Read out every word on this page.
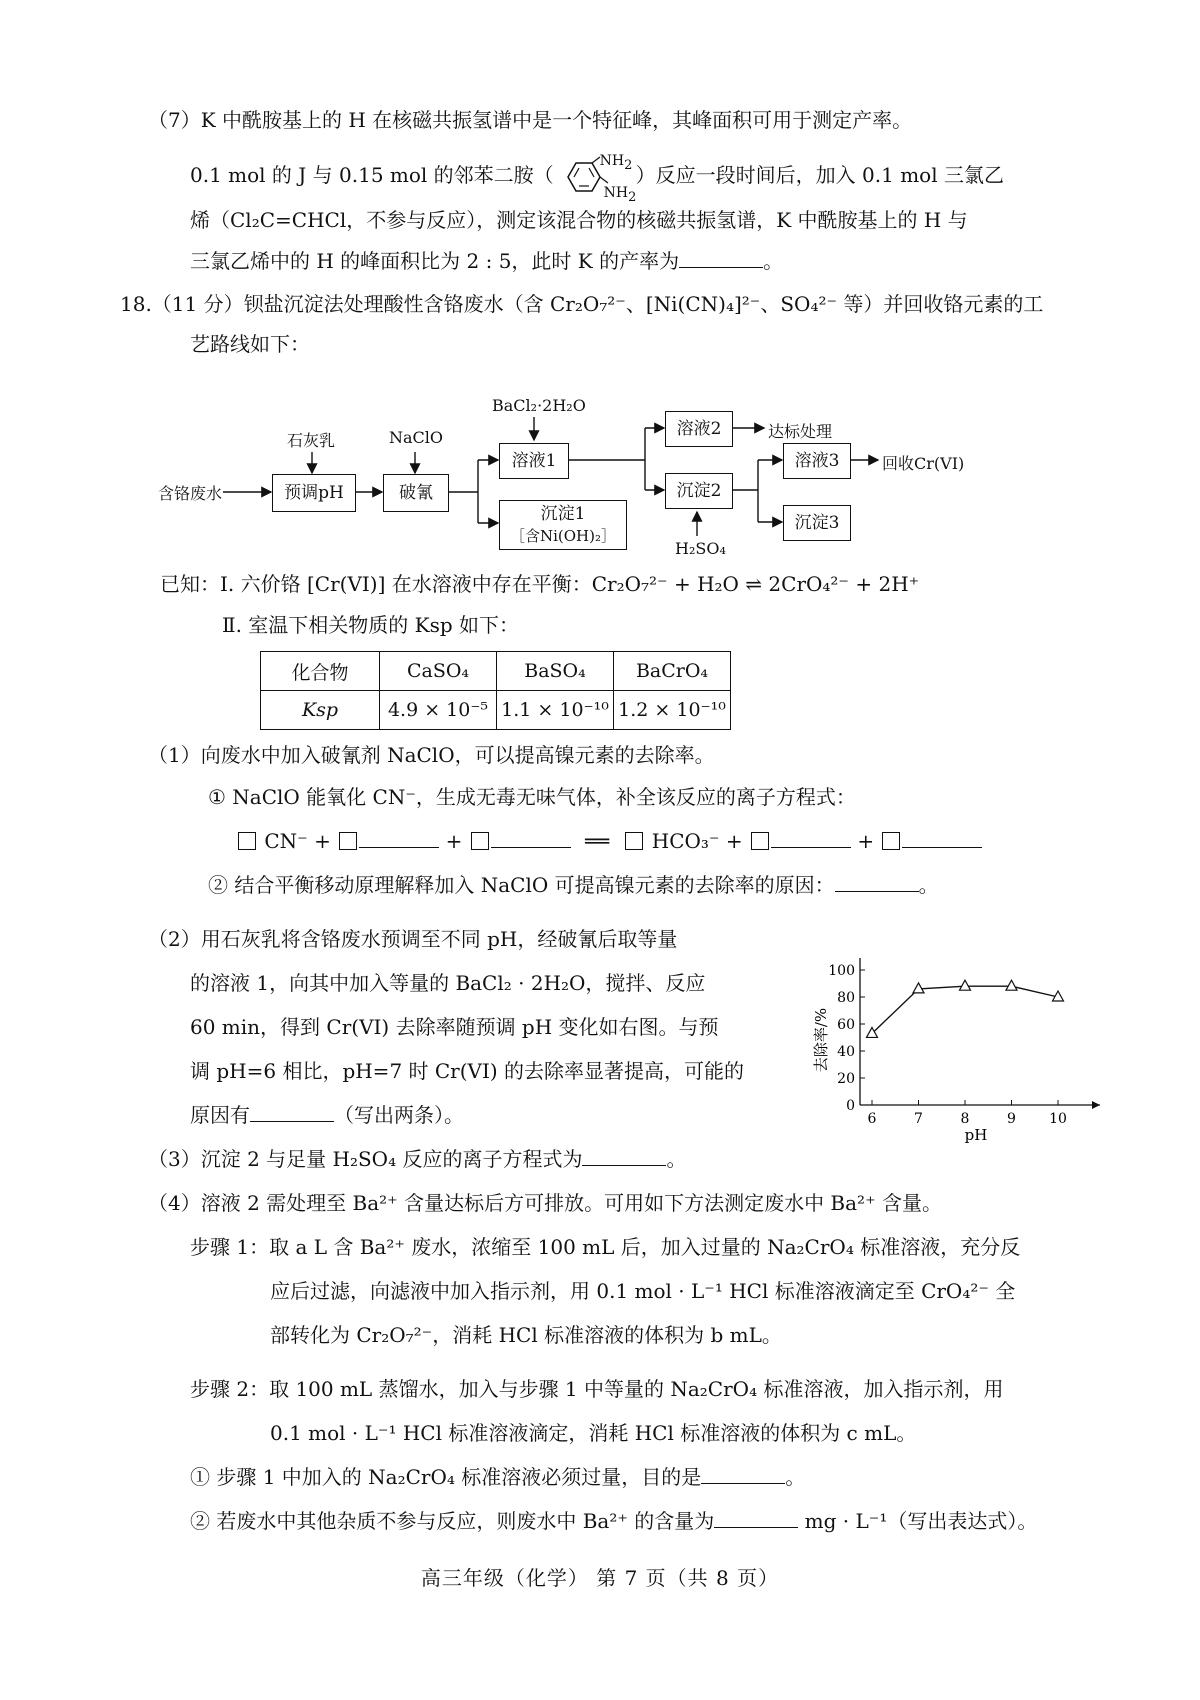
（7）K 中酰胺基上的 H 在核磁共振氢谱中是一个特征峰，其峰面积可用于测定产率。
0.1 mol 的 J 与 0.15 mol 的邻苯二胺（
$NH_2$
$NH_2$
）反应一段时间后，加入 0.1 mol 三氯乙
烯（Cl₂C=CHCl，不参与反应），测定该混合物的核磁共振氢谱，K 中酰胺基上的 H 与
三氯乙烯中的 H 的峰面积比为 2 : 5，此时 K 的产率为	。
18.（11 分）钡盐沉淀法处理酸性含铬废水（含 Cr₂O₇²⁻、[Ni(CN)₄]²⁻、SO₄²⁻ 等）并回收铬元素的工
艺路线如下：
含铬废水
石灰乳
预调pH
NaClO
破氰
BaCl₂·2H₂O
溶液1
沉淀1
［含Ni(OH)₂］
溶液2	达标处理
沉淀2
H₂SO₄
溶液3	回收Cr(VI)
沉淀3
已知：Ⅰ. 六价铬 [Cr(VI)] 在水溶液中存在平衡：Cr₂O₇²⁻ + H₂O ⇌ 2CrO₄²⁻ + 2H⁺
Ⅱ. 室温下相关物质的 Ksp 如下：
化合物	CaSO₄	BaSO₄	BaCrO₄
Ksp	4.9 × 10⁻⁵	1.1 × 10⁻¹⁰	1.2 × 10⁻¹⁰
（1）向废水中加入破氰剂 NaClO，可以提高镍元素的去除率。
① NaClO 能氧化 CN⁻，生成无毒无味气体，补全该反应的离子方程式：
CN⁻ +	+	══ HCO₃⁻ +	+
② 结合平衡移动原理解释加入 NaClO 可提高镍元素的去除率的原因：	。
（2）用石灰乳将含铬废水预调至不同 pH，经破氰后取等量
的溶液 1，向其中加入等量的 BaCl₂ · 2H₂O，搅拌、反应
60 min，得到 Cr(VI) 去除率随预调 pH 变化如右图。与预
调 pH=6 相比，pH=7 时 Cr(VI) 的去除率显著提高，可能的
原因有	（写出两条）。	0
20
40
60
80
100
6	7	8	9 10
pH
去除率/%
（3）沉淀 2 与足量 H₂SO₄ 反应的离子方程式为	。
（4）溶液 2 需处理至 Ba²⁺ 含量达标后方可排放。可用如下方法测定废水中 Ba²⁺ 含量。
步骤 1：取 a L 含 Ba²⁺ 废水，浓缩至 100 mL 后，加入过量的 Na₂CrO₄ 标准溶液，充分反
应后过滤，向滤液中加入指示剂，用 0.1 mol · L⁻¹ HCl 标准溶液滴定至 CrO₄²⁻ 全
部转化为 Cr₂O₇²⁻，消耗 HCl 标准溶液的体积为 b mL。
步骤 2：取 100 mL 蒸馏水，加入与步骤 1 中等量的 Na₂CrO₄ 标准溶液，加入指示剂，用
0.1 mol · L⁻¹ HCl 标准溶液滴定，消耗 HCl 标准溶液的体积为 c mL。
① 步骤 1 中加入的 Na₂CrO₄ 标准溶液必须过量，目的是	。
② 若废水中其他杂质不参与反应，则废水中 Ba²⁺ 的含量为	mg · L⁻¹（写出表达式）。
高三年级（化学） 第 7 页（共 8 页）
